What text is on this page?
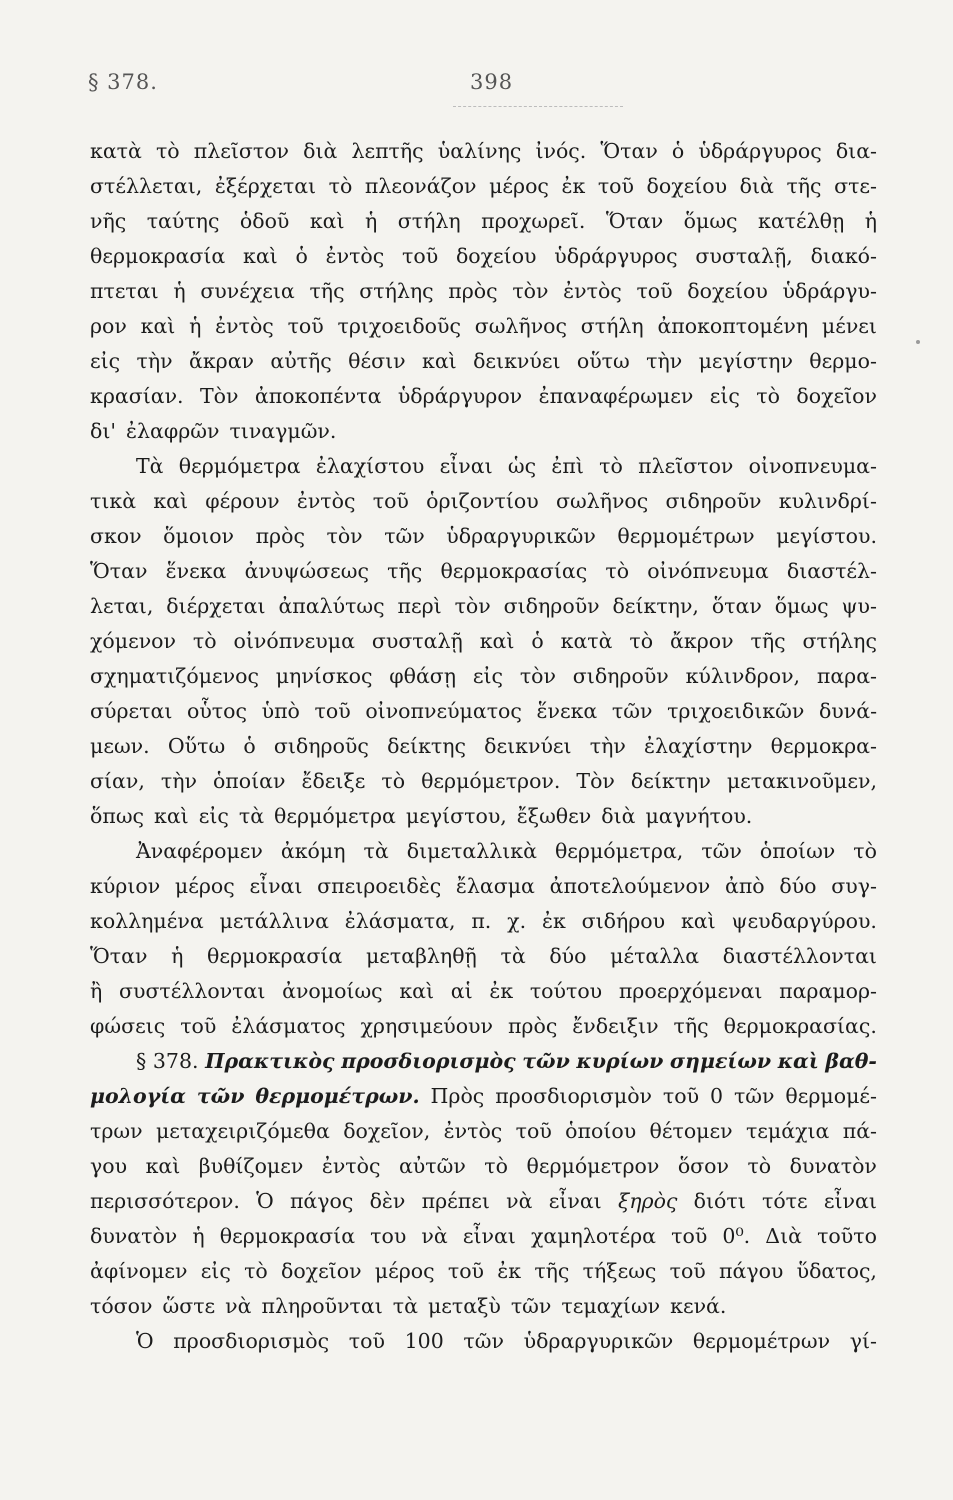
§ 378.	398
κατὰ τὸ πλεῖστον διὰ λεπτῆς ὑαλίνης ἰνός. Ὅταν ὁ ὑδράργυρος δια-
στέλλεται, ἐξέρχεται τὸ πλεονάζον μέρος ἐκ τοῦ δοχείου διὰ τῆς στε-
νῆς ταύτης ὁδοῦ καὶ ἡ στήλη προχωρεῖ. Ὅταν ὅμως κατέλθῃ ἡ
θερμοκρασία καὶ ὁ ἐντὸς τοῦ δοχείου ὑδράργυρος συσταλῇ, διακό-
πτεται ἡ συνέχεια τῆς στήλης πρὸς τὸν ἐντὸς τοῦ δοχείου ὑδράργυ-
ρον καὶ ἡ ἐντὸς τοῦ τριχοειδοῦς σωλῆνος στήλη ἀποκοπτομένη μένει
εἰς τὴν ἄκραν αὐτῆς θέσιν καὶ δεικνύει οὕτω τὴν μεγίστην θερμο-
κρασίαν. Τὸν ἀποκοπέντα ὑδράργυρον ἐπαναφέρωμεν εἰς τὸ δοχεῖον
δι' ἐλαφρῶν τιναγμῶν.
Τὰ θερμόμετρα ἐλαχίστου εἶναι ὡς ἐπὶ τὸ πλεῖστον οἰνοπνευμα-
τικὰ καὶ φέρουν ἐντὸς τοῦ ὁριζοντίου σωλῆνος σιδηροῦν κυλινδρί-
σκον ὅμοιον πρὸς τὸν τῶν ὑδραργυρικῶν θερμομέτρων μεγίστου.
Ὅταν ἕνεκα ἀνυψώσεως τῆς θερμοκρασίας τὸ οἰνόπνευμα διαστέλ-
λεται, διέρχεται ἀπαλύτως περὶ τὸν σιδηροῦν δείκτην, ὅταν ὅμως ψυ-
χόμενον τὸ οἰνόπνευμα συσταλῇ καὶ ὁ κατὰ τὸ ἄκρον τῆς στήλης
σχηματιζόμενος μηνίσκος φθάσῃ εἰς τὸν σιδηροῦν κύλινδρον, παρα-
σύρεται οὗτος ὑπὸ τοῦ οἰνοπνεύματος ἕνεκα τῶν τριχοειδικῶν δυνά-
μεων. Οὕτω ὁ σιδηροῦς δείκτης δεικνύει τὴν ἐλαχίστην θερμοκρα-
σίαν, τὴν ὁποίαν ἔδειξε τὸ θερμόμετρον. Τὸν δείκτην μετακινοῦμεν,
ὅπως καὶ εἰς τὰ θερμόμετρα μεγίστου, ἔξωθεν διὰ μαγνήτου.
Ἀναφέρομεν ἀκόμη τὰ διμεταλλικὰ θερμόμετρα, τῶν ὁποίων τὸ
κύριον μέρος εἶναι σπειροειδὲς ἔλασμα ἀποτελούμενον ἀπὸ δύο συγ-
κολλημένα μετάλλινα ἐλάσματα, π. χ. ἐκ σιδήρου καὶ ψευδαργύρου.
Ὅταν ἡ θερμοκρασία μεταβληθῇ τὰ δύο μέταλλα διαστέλλονται
ἢ συστέλλονται ἀνομοίως καὶ αἱ ἐκ τούτου προερχόμεναι παραμορ-
φώσεις τοῦ ἐλάσματος χρησιμεύουν πρὸς ἔνδειξιν τῆς θερμοκρασίας.
§ 378. Πρακτικὸς προσδιορισμὸς τῶν κυρίων σημείων καὶ βαθ-
μολογία τῶν θερμομέτρων. Πρὸς προσδιορισμὸν τοῦ 0 τῶν θερμομέ-
τρων μεταχειριζόμεθα δοχεῖον, ἐντὸς τοῦ ὁποίου θέτομεν τεμάχια πά-
γου καὶ βυθίζομεν ἐντὸς αὐτῶν τὸ θερμόμετρον ὅσον τὸ δυνατὸν
περισσότερον. Ὁ πάγος δὲν πρέπει νὰ εἶναι ξηρὸς διότι τότε εἶναι
δυνατὸν ἡ θερμοκρασία του νὰ εἶναι χαμηλοτέρα τοῦ 0⁰. Διὰ τοῦτο
ἀφίνομεν εἰς τὸ δοχεῖον μέρος τοῦ ἐκ τῆς τήξεως τοῦ πάγου ὕδατος,
τόσον ὥστε νὰ πληροῦνται τὰ μεταξὺ τῶν τεμαχίων κενά.
Ὁ προσδιορισμὸς τοῦ 100 τῶν ὑδραργυρικῶν θερμομέτρων γί-
